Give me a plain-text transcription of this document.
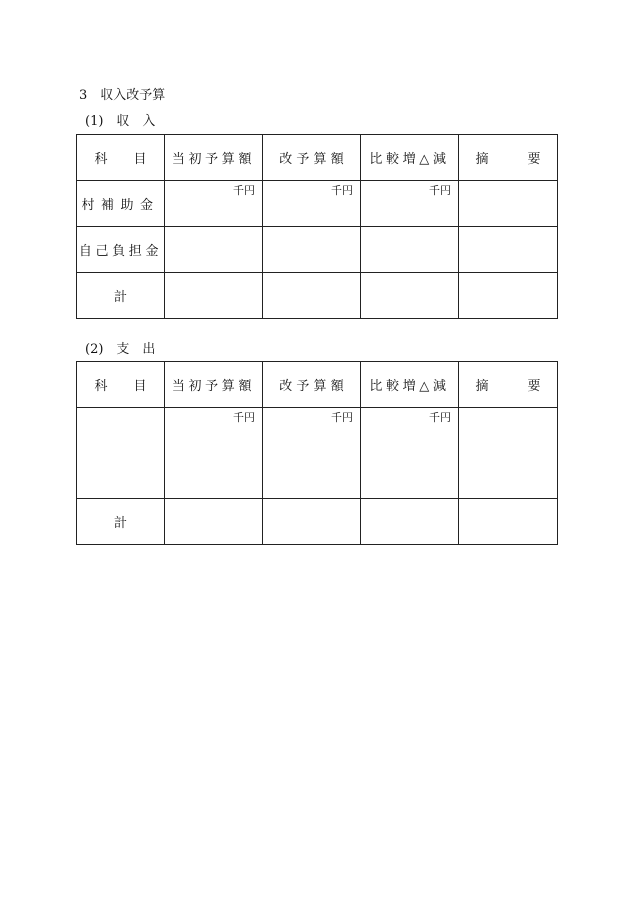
3　収入改予算
(1)　収　入
科　　目	当初予算額	改 予 算 額	比較増△減	摘　　　要
村補助金	千円	千円	千円	
自己負担金				
計				
(2)　支　出
科　　目	当初予算額	改 予 算 額	比較増△減	摘　　　要
	千円	千円	千円	
計				
